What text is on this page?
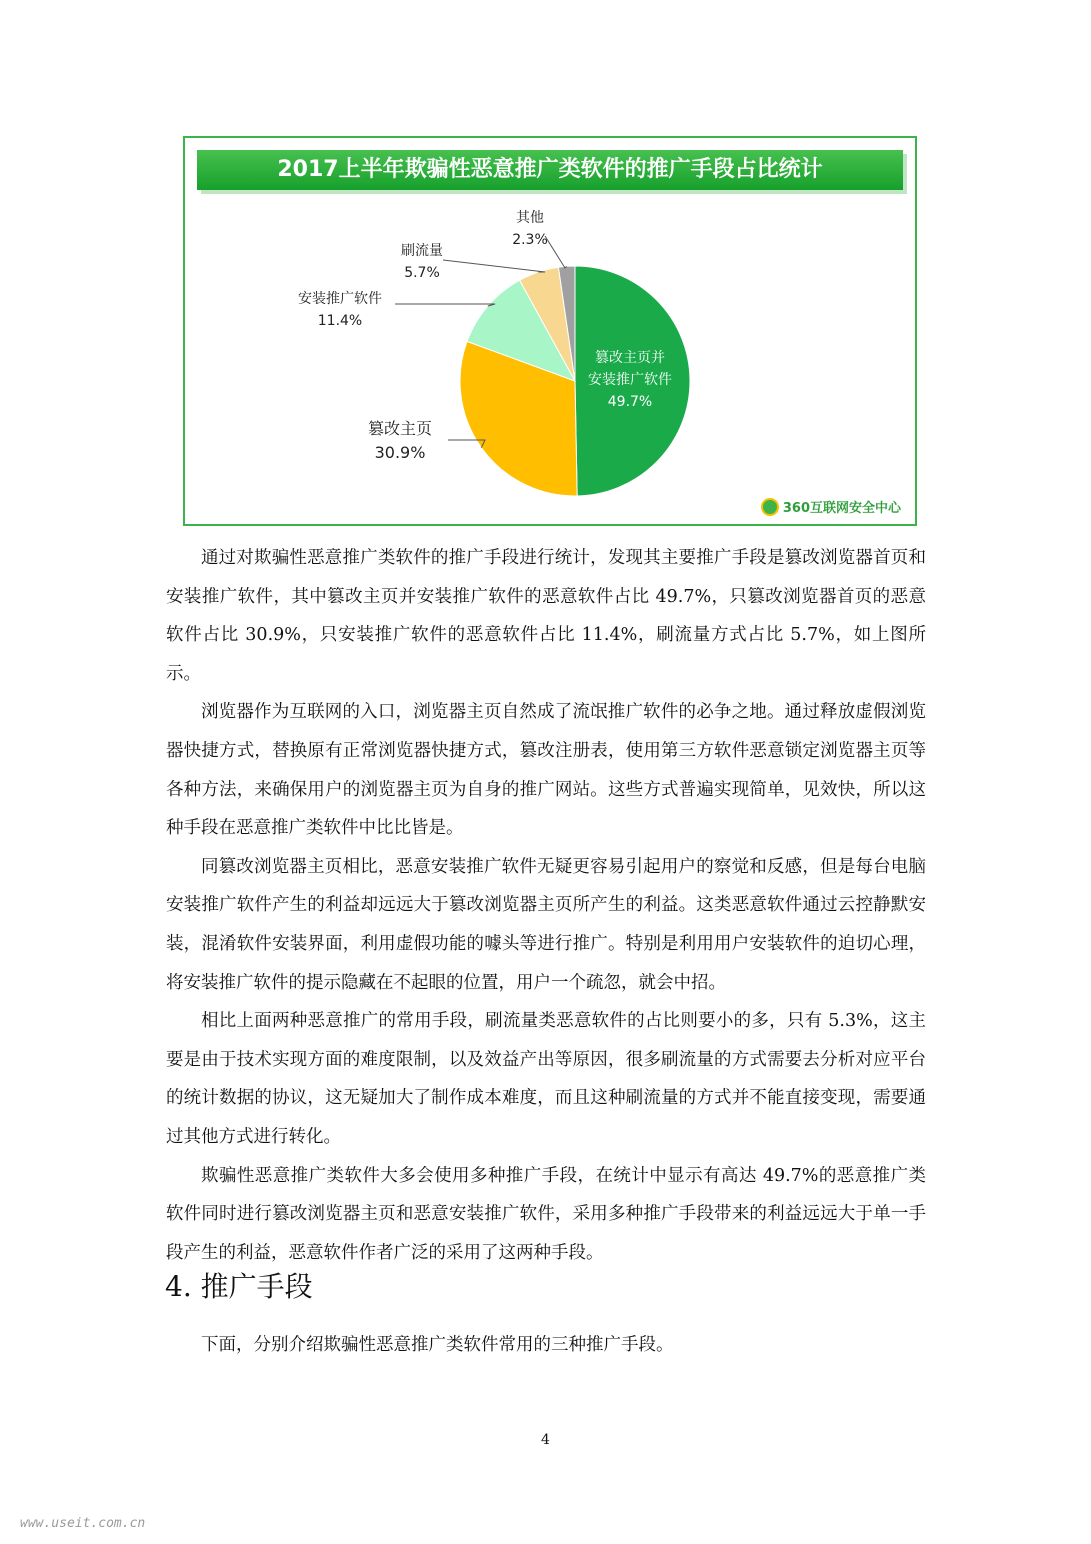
篡改主页并
安装推广软件
49.7%
篡改主页
30.9%
安装推广软件
11.4%
刷流量
5.7%
其他
2.3%
2017上半年欺骗性恶意推广类软件的推广手段占比统计
360互联网安全中心

通过对欺骗性恶意推广类软件的推广手段进行统计，发现其主要推广手段是篡改浏览器首页和安装推广软件，其中篡改主页并安装推广软件的恶意软件占比 49.7%，只篡改浏览器首页的恶意软件占比 30.9%，只安装推广软件的恶意软件占比 11.4%，刷流量方式占比 5.7%，如上图所示。

浏览器作为互联网的入口，浏览器主页自然成了流氓推广软件的必争之地。通过释放虚假浏览器快捷方式，替换原有正常浏览器快捷方式，篡改注册表，使用第三方软件恶意锁定浏览器主页等各种方法，来确保用户的浏览器主页为自身的推广网站。这些方式普遍实现简单，见效快，所以这种手段在恶意推广类软件中比比皆是。

同篡改浏览器主页相比，恶意安装推广软件无疑更容易引起用户的察觉和反感，但是每台电脑安装推广软件产生的利益却远远大于篡改浏览器主页所产生的利益。这类恶意软件通过云控静默安装，混淆软件安装界面，利用虚假功能的噱头等进行推广。特别是利用用户安装软件的迫切心理，将安装推广软件的提示隐藏在不起眼的位置，用户一个疏忽，就会中招。

相比上面两种恶意推广的常用手段，刷流量类恶意软件的占比则要小的多，只有 5.3%，这主要是由于技术实现方面的难度限制，以及效益产出等原因，很多刷流量的方式需要去分析对应平台的统计数据的协议，这无疑加大了制作成本难度，而且这种刷流量的方式并不能直接变现，需要通过其他方式进行转化。

欺骗性恶意推广类软件大多会使用多种推广手段，在统计中显示有高达 49.7%的恶意推广类软件同时进行篡改浏览器主页和恶意安装推广软件，采用多种推广手段带来的利益远远大于单一手段产生的利益，恶意软件作者广泛的采用了这两种手段。

4. 推广手段
下面，分别介绍欺骗性恶意推广类软件常用的三种推广手段。
4
www.useit.com.cn
